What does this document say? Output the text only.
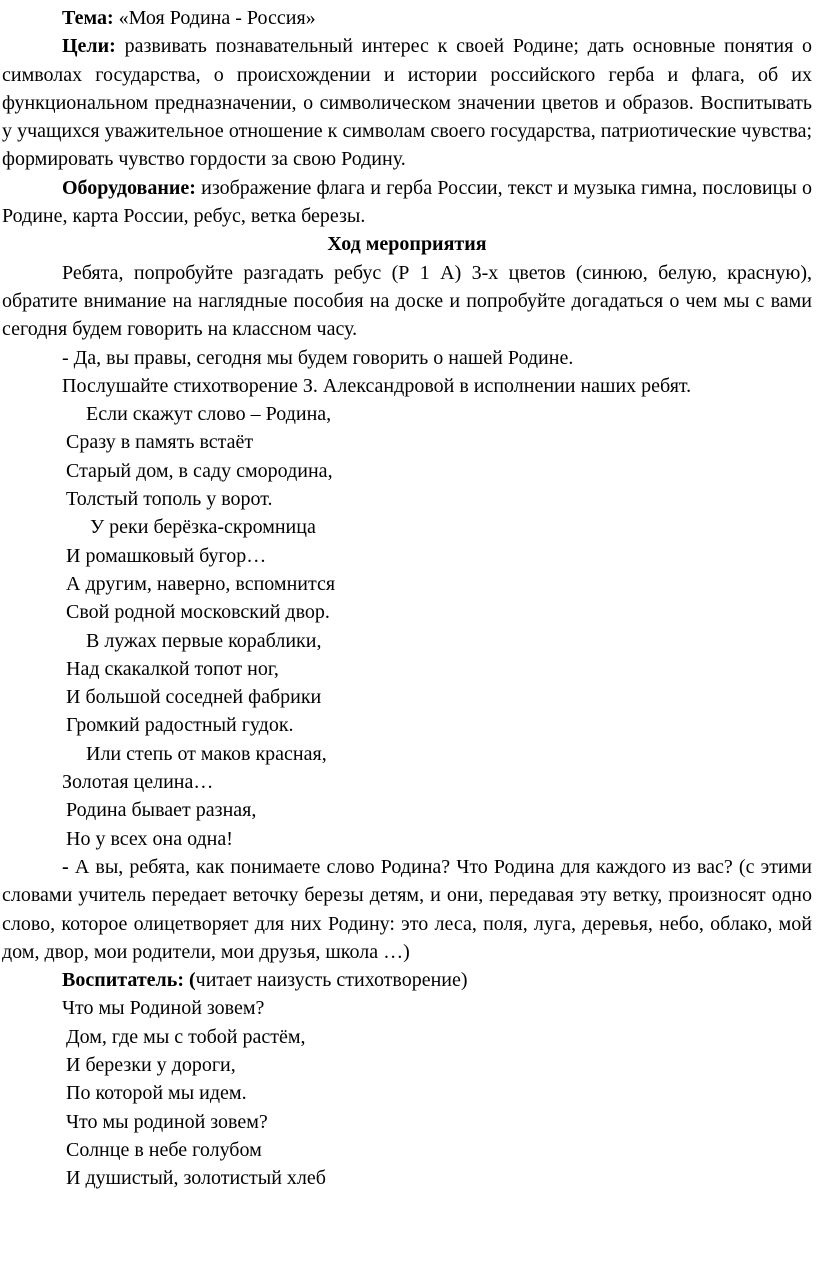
Тема: «Моя Родина - Россия»

Цели: развивать познавательный интерес к своей Родине; дать основные понятия о символах государства, о происхождении и истории российского герба и флага, об их функциональном предназначении, о символическом значении цветов и образов. Воспитывать у учащихся уважительное отношение к символам своего государства, патриотические чувства; формировать чувство гордости за свою Родину.

Оборудование: изображение флага и герба России, текст и музыка гимна, пословицы о Родине, карта России, ребус, ветка березы.

Ход мероприятия

Ребята, попробуйте разгадать ребус (Р 1 А) 3-х цветов (синюю, белую, красную), обратите внимание на наглядные пособия на доске и попробуйте догадаться о чем мы с вами сегодня будем говорить на классном часу.

- Да, вы правы, сегодня мы будем говорить о нашей Родине.

Послушайте стихотворение З. Александровой в исполнении наших ребят.

Если скажут слово – Родина,
Сразу в память встаёт
Старый дом, в саду смородина,
Толстый тополь у ворот.
У реки берёзка-скромница
И ромашковый бугор…
А другим, наверно, вспомнится
Свой родной московский двор.
В лужах первые кораблики,
Над скакалкой топот ног,
И большой соседней фабрики
Громкий радостный гудок.
Или степь от маков красная,
Золотая целина…
Родина бывает разная,
Но у всех она одна!

- А вы, ребята, как понимаете слово Родина? Что Родина для каждого из вас? (с этими словами учитель передает веточку березы детям, и они, передавая эту ветку, произносят одно слово, которое олицетворяет для них Родину: это леса, поля, луга, деревья, небо, облако, мой дом, двор, мои родители, мои друзья, школа …)

Воспитатель: (читает наизусть стихотворение)

Что мы Родиной зовем?
Дом, где мы с тобой растём,
И березки у дороги,
По которой мы идем.
Что мы родиной зовем?
Солнце в небе голубом
И душистый, золотистый хлеб
